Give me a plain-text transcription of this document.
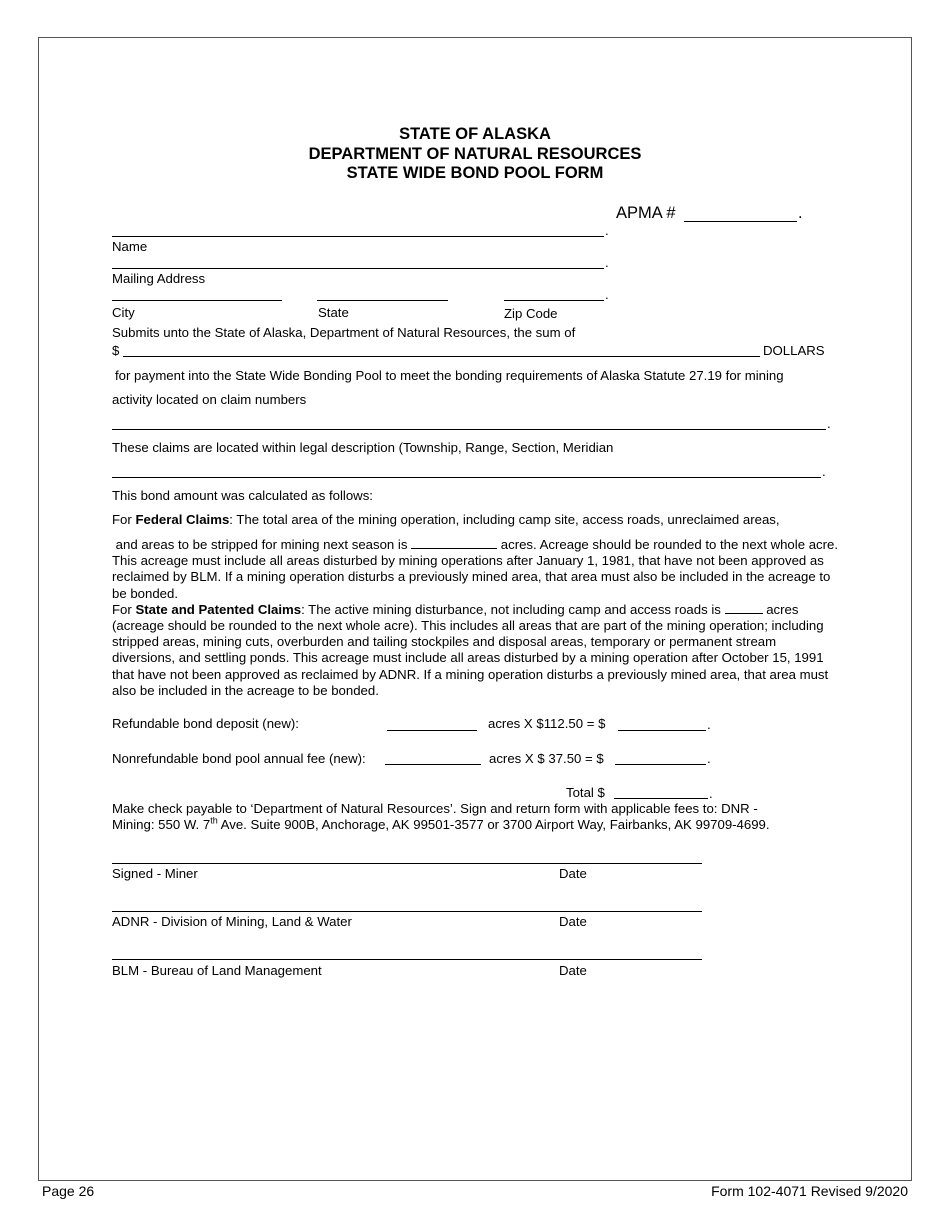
STATE OF ALASKA
DEPARTMENT OF NATURAL RESOURCES
STATE WIDE BOND POOL FORM
APMA #	.
.
Name
.
Mailing Address
.
City	State	Zip Code
Submits unto the State of Alaska, Department of Natural Resources, the sum of
$	DOLLARS
for payment into the State Wide Bonding Pool to meet the bonding requirements of Alaska Statute 27.19 for mining
activity located on claim numbers
.
These claims are located within legal description (Township, Range, Section, Meridian
.
This bond amount was calculated as follows:
For Federal Claims: The total area of the mining operation, including camp site, access roads, unreclaimed areas,
and areas to be stripped for mining next season is	acres. Acreage should be rounded to the next whole acre. This acreage must include all areas disturbed by mining operations after January 1, 1981, that have not been approved as reclaimed by BLM. If a mining operation disturbs a previously mined area, that area must also be included in the acreage to be bonded.
For State and Patented Claims: The active mining disturbance, not including camp and access roads is	acres (acreage should be rounded to the next whole acre). This includes all areas that are part of the mining operation; including stripped areas, mining cuts, overburden and tailing stockpiles and disposal areas, temporary or permanent stream diversions, and settling ponds. This acreage must include all areas disturbed by a mining operation after October 15, 1991 that have not been approved as reclaimed by ADNR. If a mining operation disturbs a previously mined area, that area must also be included in the acreage to be bonded.
Refundable bond deposit (new):	acres X $112.50 = $	.
Nonrefundable bond pool annual fee (new):	acres X $ 37.50 = $	.
Total $	.
Make check payable to ‘Department of Natural Resources’. Sign and return form with applicable fees to: DNR -
Mining: 550 W. 7th Ave. Suite 900B, Anchorage, AK 99501-3577 or 3700 Airport Way, Fairbanks, AK 99709-4699.
Signed - Miner	Date
ADNR - Division of Mining, Land & Water	Date
BLM - Bureau of Land Management	Date
Page 26	Form 102-4071 Revised 9/2020
